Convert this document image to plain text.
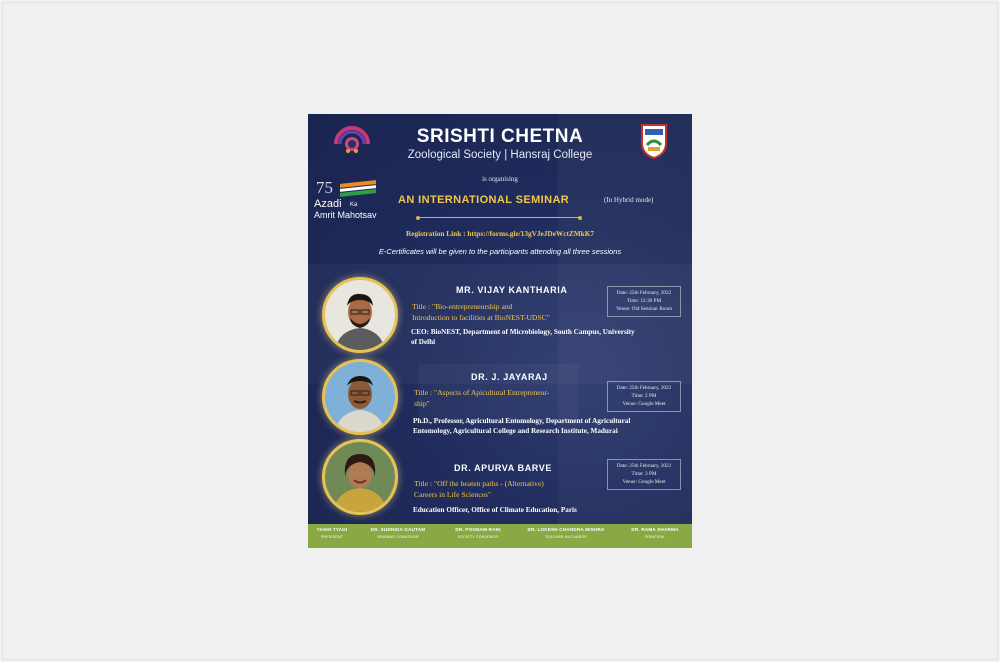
SRISHTI CHETNA
Zoological Society | Hansraj College
is organising
75
Azadi Ka
Amrit Mahotsav
AN INTERNATIONAL SEMINAR	(In Hybrid mode)
Registration Link : https://forms.gle/13gVJeJDeWctZMkK7
E-Certificates will be given to the participants attending all three sessions
MR. VIJAY KANTHARIA
Title : "Bio-entrepreneurship and
Introduction to facilities at BioNEST-UDSC"
CEO: BioNEST, Department of Microbiology, South Campus, University
of Delhi
Date: 25th February, 2022
Time: 12:30 PM
Venue: Old Seminar Room
DR. J. JAYARAJ
Title : "Aspects of Apicultural Entrepreneur-
ship"
Ph.D., Professor, Agricultural Entomology, Department of Agricultural
Entomology, Agricultural College and Research Institute, Madurai
Date: 25th February, 2022
Time: 2 PM
Venue: Google Meet
DR. APURVA BARVE
Title : "Off the beaten paths - (Alternative)
Careers in Life Sciences"
Education Officer, Office of Climate Education, Paris
Date: 25th February, 2022
Time: 3 PM
Venue: Google Meet
YASHI TYAGI
PRESIDENT
DR. SUDHIDA GAUTAM
SEMINAR CONVENOR
DR. POONAM RANI
SOCIETY CONVENOR
DR. LOKESH CHANDRA MISHRA
TEACHER-IN-CHARGE
DR. RAMA SHARMA
PRINCIPAL
